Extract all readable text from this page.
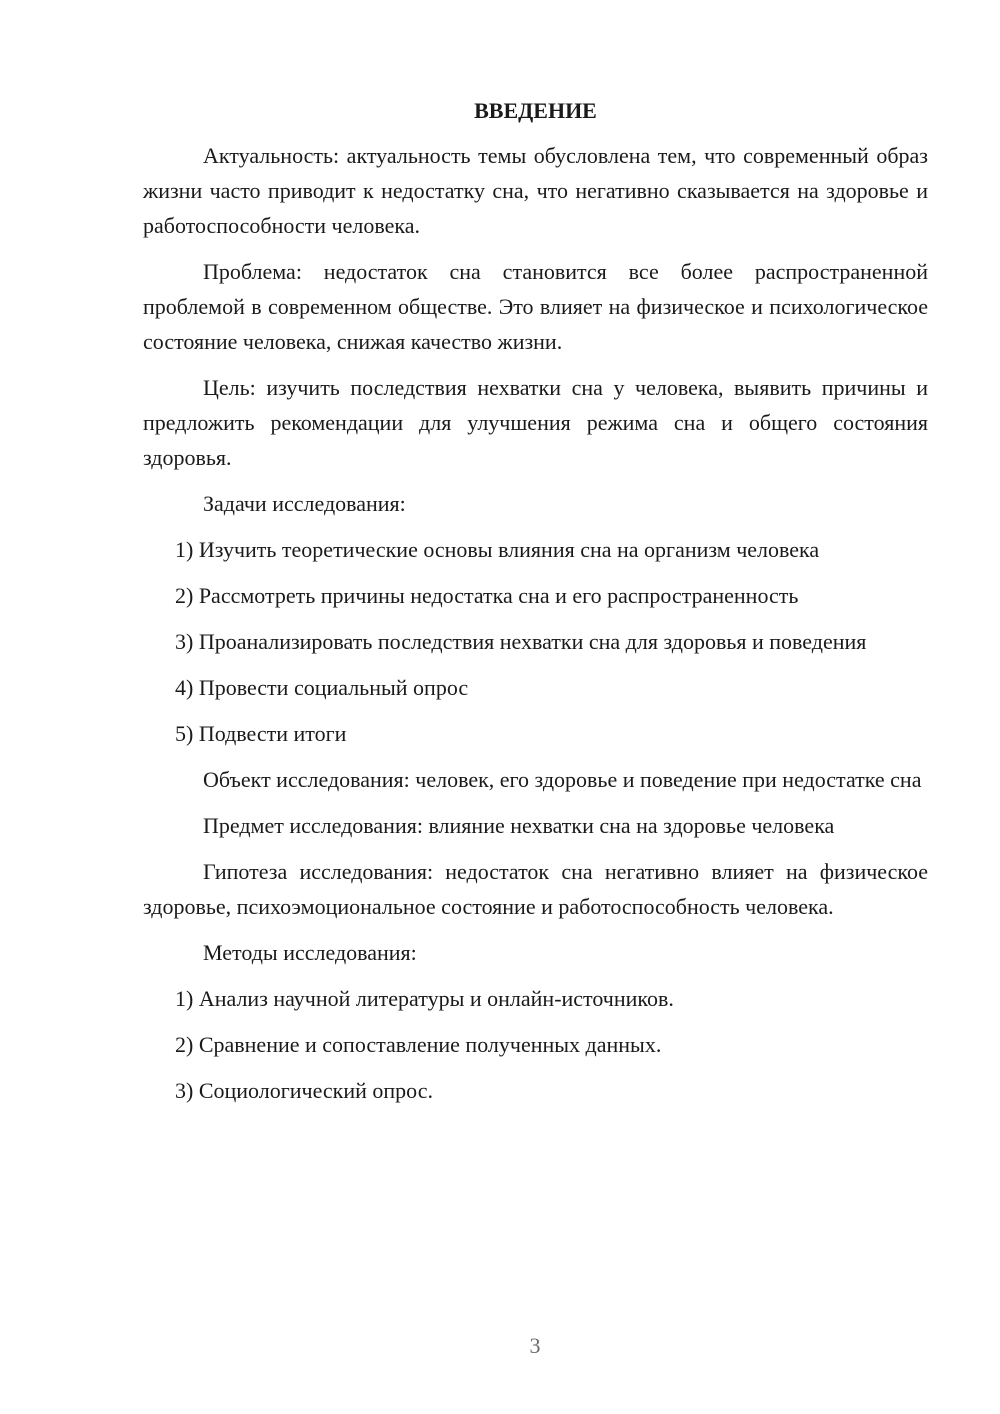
ВВЕДЕНИЕ

Актуальность: актуальность темы обусловлена тем, что современный образ жизни часто приводит к недостатку сна, что негативно сказывается на здоровье и работоспособности человека.

Проблема: недостаток сна становится все более распространенной проблемой в современном обществе. Это влияет на физическое и психологическое состояние человека, снижая качество жизни.

Цель: изучить последствия нехватки сна у человека, выявить причины и предложить рекомендации для улучшения режима сна и общего состояния здоровья.

Задачи исследования:

1) Изучить теоретические основы влияния сна на организм человека

2) Рассмотреть причины недостатка сна и его распространенность

3) Проанализировать последствия нехватки сна для здоровья и поведения

4) Провести социальный опрос

5) Подвести итоги

Объект исследования: человек, его здоровье и поведение при недостатке сна

Предмет исследования: влияние нехватки сна на здоровье человека

Гипотеза исследования: недостаток сна негативно влияет на физическое здоровье, психоэмоциональное состояние и работоспособность человека.

Методы исследования:

1) Анализ научной литературы и онлайн-источников.

2) Сравнение и сопоставление полученных данных.

3) Социологический опрос.

3
